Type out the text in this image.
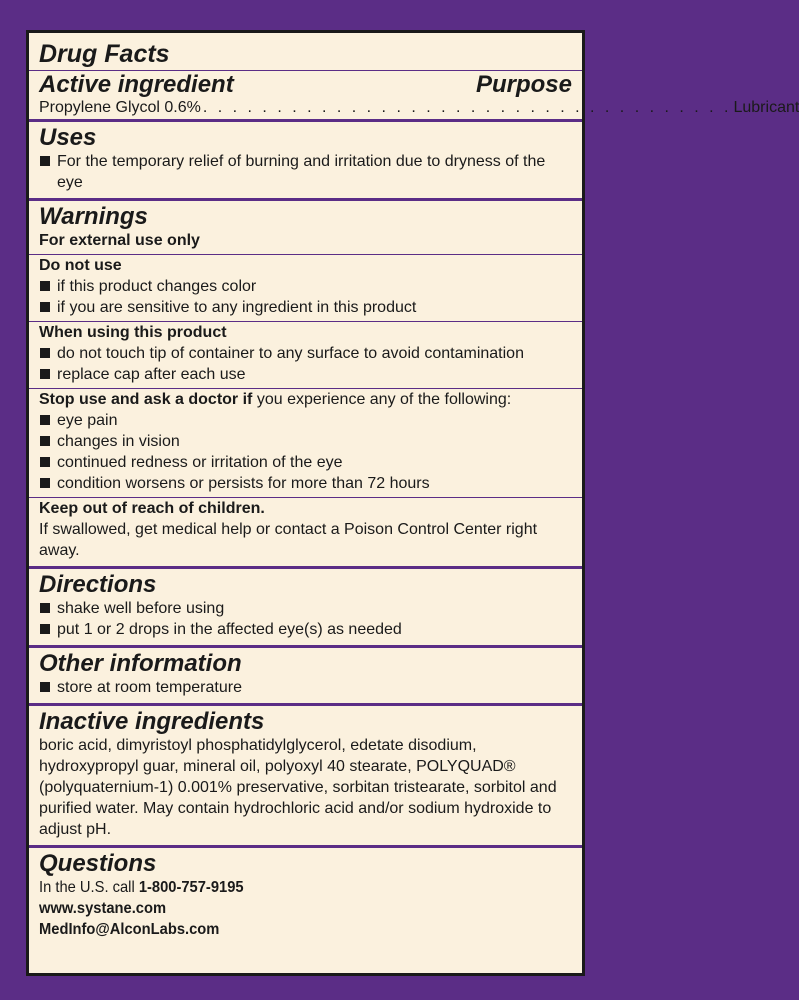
Drug Facts
Active ingredient	Purpose
Propylene Glycol 0.6% . . . . . . . . . . . . . . . . . . . . . . . . . . . . . . . . . . . . Lubricant
Uses
For the temporary relief of burning and irritation due to dryness of the eye
Warnings
For external use only
Do not use
if this product changes color
if you are sensitive to any ingredient in this product
When using this product
do not touch tip of container to any surface to avoid contamination
replace cap after each use
Stop use and ask a doctor if you experience any of the following:
eye pain
changes in vision
continued redness or irritation of the eye
condition worsens or persists for more than 72 hours
Keep out of reach of children.
If swallowed, get medical help or contact a Poison Control Center right away.
Directions
shake well before using
put 1 or 2 drops in the affected eye(s) as needed
Other information
store at room temperature
Inactive ingredients
boric acid, dimyristoyl phosphatidylglycerol, edetate disodium, hydroxypropyl guar, mineral oil, polyoxyl 40 stearate, POLYQUAD® (polyquaternium-1) 0.001% preservative, sorbitan tristearate, sorbitol and purified water. May contain hydrochloric acid and/or sodium hydroxide to adjust pH.
Questions
In the U.S. call 1-800-757-9195
www.systane.com
MedInfo@AlconLabs.com
